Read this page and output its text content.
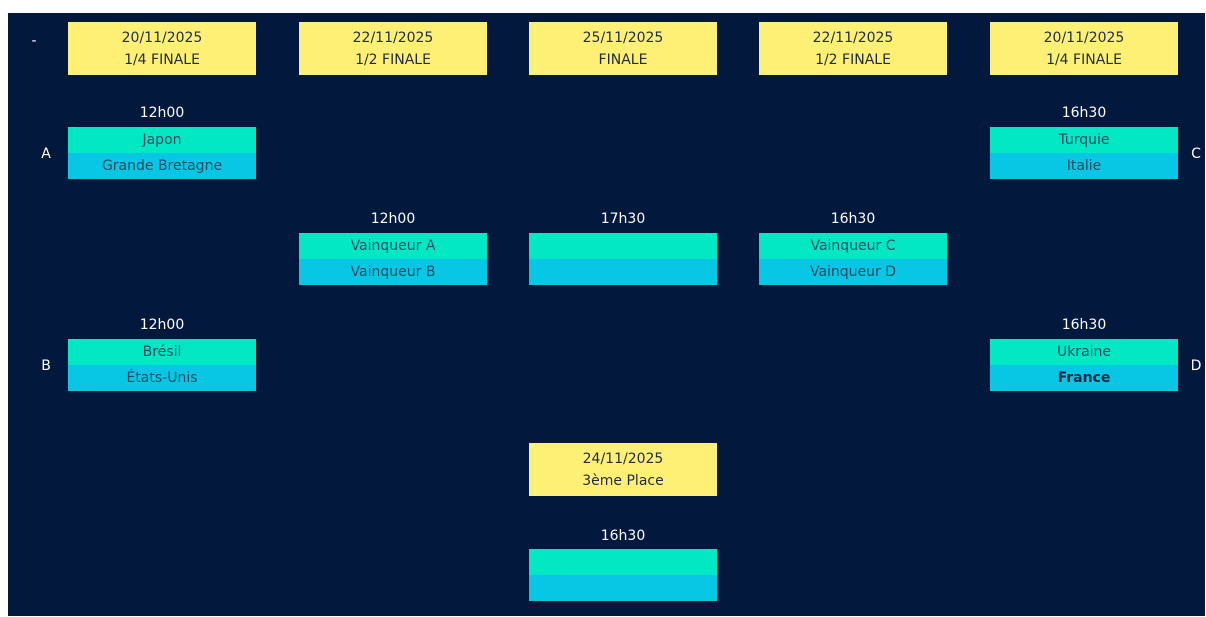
-	20/11/2025
1/4 FINALE
22/11/2025
1/2 FINALE
25/11/2025
FINALE
22/11/2025
1/2 FINALE
20/11/2025
1/4 FINALE
A
12h00
Japon
Grande Bretagne
B
12h00
Brésil
États-Unis
12h00
Vainqueur A
Vainqueur B
17h30	16h30
Vainqueur C
Vainqueur D
C
16h30
Turquie
Italie
D
16h30
Ukraine
France
24/11/2025
3ème Place
16h30
